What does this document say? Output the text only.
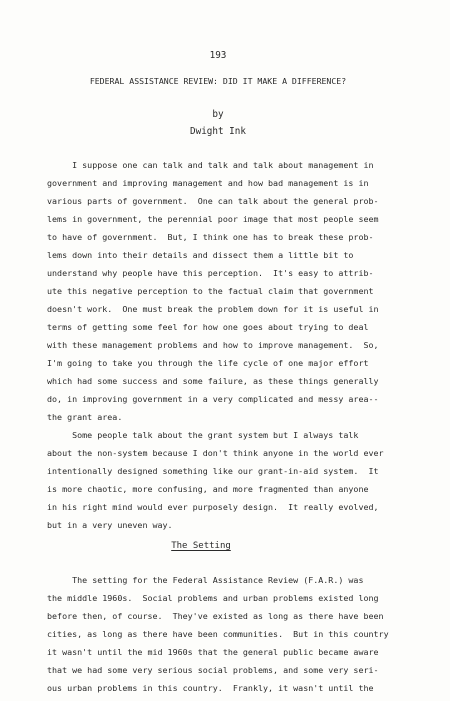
193
FEDERAL ASSISTANCE REVIEW: DID IT MAKE A DIFFERENCE?
by
Dwight Ink
I suppose one can talk and talk and talk about management in
government and improving management and how bad management is in
various parts of government.  One can talk about the general prob-
lems in government, the perennial poor image that most people seem
to have of government.  But, I think one has to break these prob-
lems down into their details and dissect them a little bit to
understand why people have this perception.  It's easy to attrib-
ute this negative perception to the factual claim that government
doesn't work.  One must break the problem down for it is useful in
terms of getting some feel for how one goes about trying to deal
with these management problems and how to improve management.  So,
I'm going to take you through the life cycle of one major effort
which had some success and some failure, as these things generally
do, in improving government in a very complicated and messy area--
the grant area.
Some people talk about the grant system but I always talk
about the non-system because I don't think anyone in the world ever
intentionally designed something like our grant-in-aid system.  It
is more chaotic, more confusing, and more fragmented than anyone
in his right mind would ever purposely design.  It really evolved,
but in a very uneven way.
The Setting
The setting for the Federal Assistance Review (F.A.R.) was
the middle 1960s.  Social problems and urban problems existed long
before then, of course.  They've existed as long as there have been
cities, as long as there have been communities.  But in this country
it wasn't until the mid 1960s that the general public became aware
that we had some very serious social problems, and some very seri-
ous urban problems in this country.  Frankly, it wasn't until the
